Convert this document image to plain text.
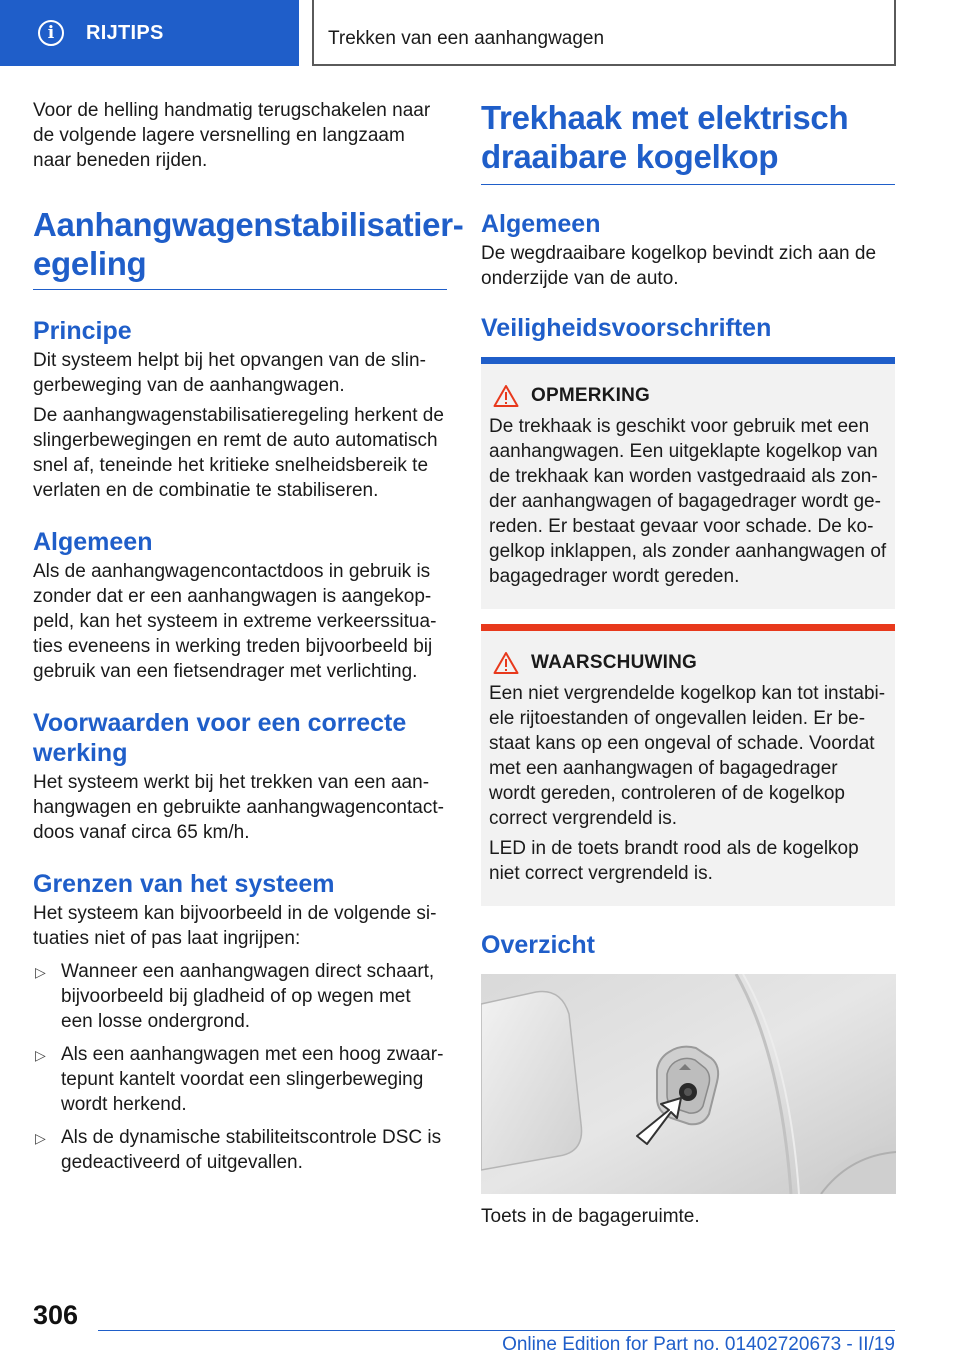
i	RIJTIPS	Trekken van een aanhangwagen

Voor de helling handmatig terugschakelen naar de volgende lagere versnelling en langzaam naar beneden rijden.

Aanhangwagenstabilisatieregeling
Principe

Dit systeem helpt bij het opvangen van de slingerbeweging van de aanhangwagen.

De aanhangwagenstabilisatieregeling herkent de slingerbewegingen en remt de auto automatisch snel af, teneinde het kritieke snelheidsbereik te verlaten en de combinatie te stabiliseren.

Algemeen

Als de aanhangwagencontactdoos in gebruik is zonder dat er een aanhangwagen is aangekoppeld, kan het systeem in extreme verkeerssituaties eveneens in werking treden bijvoorbeeld bij gebruik van een fietsendrager met verlichting.

Voorwaarden voor een correcte werking

Het systeem werkt bij het trekken van een aanhangwagen en gebruikte aanhangwagencontactdoos vanaf circa 65 km/h.

Grenzen van het systeem

Het systeem kan bijvoorbeeld in de volgende situaties niet of pas laat ingrijpen:

▷ Wanneer een aanhangwagen direct schaart, bijvoorbeeld bij gladheid of op wegen met een losse ondergrond.
▷ Als een aanhangwagen met een hoog zwaartepunt kantelt voordat een slingerbeweging wordt herkend.
▷ Als de dynamische stabiliteitscontrole DSC is gedeactiveerd of uitgevallen.
Trekhaak met elektrisch draaibare kogelkop
Algemeen

De wegdraaibare kogelkop bevindt zich aan de onderzijde van de auto.

Veiligheidsvoorschriften
OPMERKING

De trekhaak is geschikt voor gebruik met een aanhangwagen. Een uitgeklapte kogelkop van de trekhaak kan worden vastgedraaid als zonder aanhangwagen of bagagedrager wordt gereden. Er bestaat gevaar voor schade. De kogelkop inklappen, als zonder aanhangwagen of bagagedrager wordt gereden.

WAARSCHUWING

Een niet vergrendelde kogelkop kan tot instabiele rijtoestanden of ongevallen leiden. Er bestaat kans op een ongeval of schade. Voordat met een aanhangwagen of bagagedrager wordt gereden, controleren of de kogelkop correct vergrendeld is.

LED in de toets brandt rood als de kogelkop niet correct vergrendeld is.

Overzicht

Toets in de bagageruimte.

306
Online Edition for Part no. 01402720673 - II/19
